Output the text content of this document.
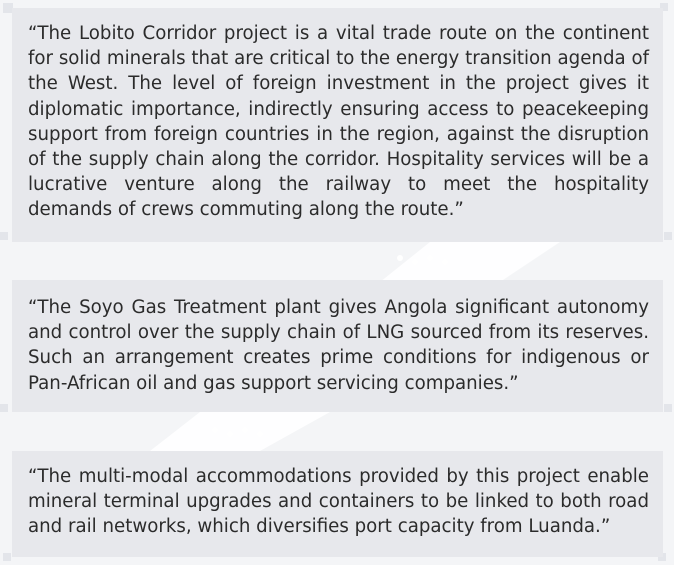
“The Lobito Corridor project is a vital trade route on the continent for solid minerals that are critical to the energy transition agenda of the West. The level of foreign investment in the project gives it diplomatic importance, indirectly ensuring access to peacekeeping support from foreign countries in the region, against the disruption of the supply chain along the corridor. Hospitality services will be a lucrative venture along the railway to meet the hospitality demands of crews commuting along the route.”

“The Soyo Gas Treatment plant gives Angola significant autonomy and control over the supply chain of LNG sourced from its reserves. Such an arrangement creates prime conditions for indigenous or Pan-African oil and gas support servicing companies.”

“The multi-modal accommodations provided by this project enable mineral terminal upgrades and containers to be linked to both road and rail networks, which diversifies port capacity from Luanda.”
